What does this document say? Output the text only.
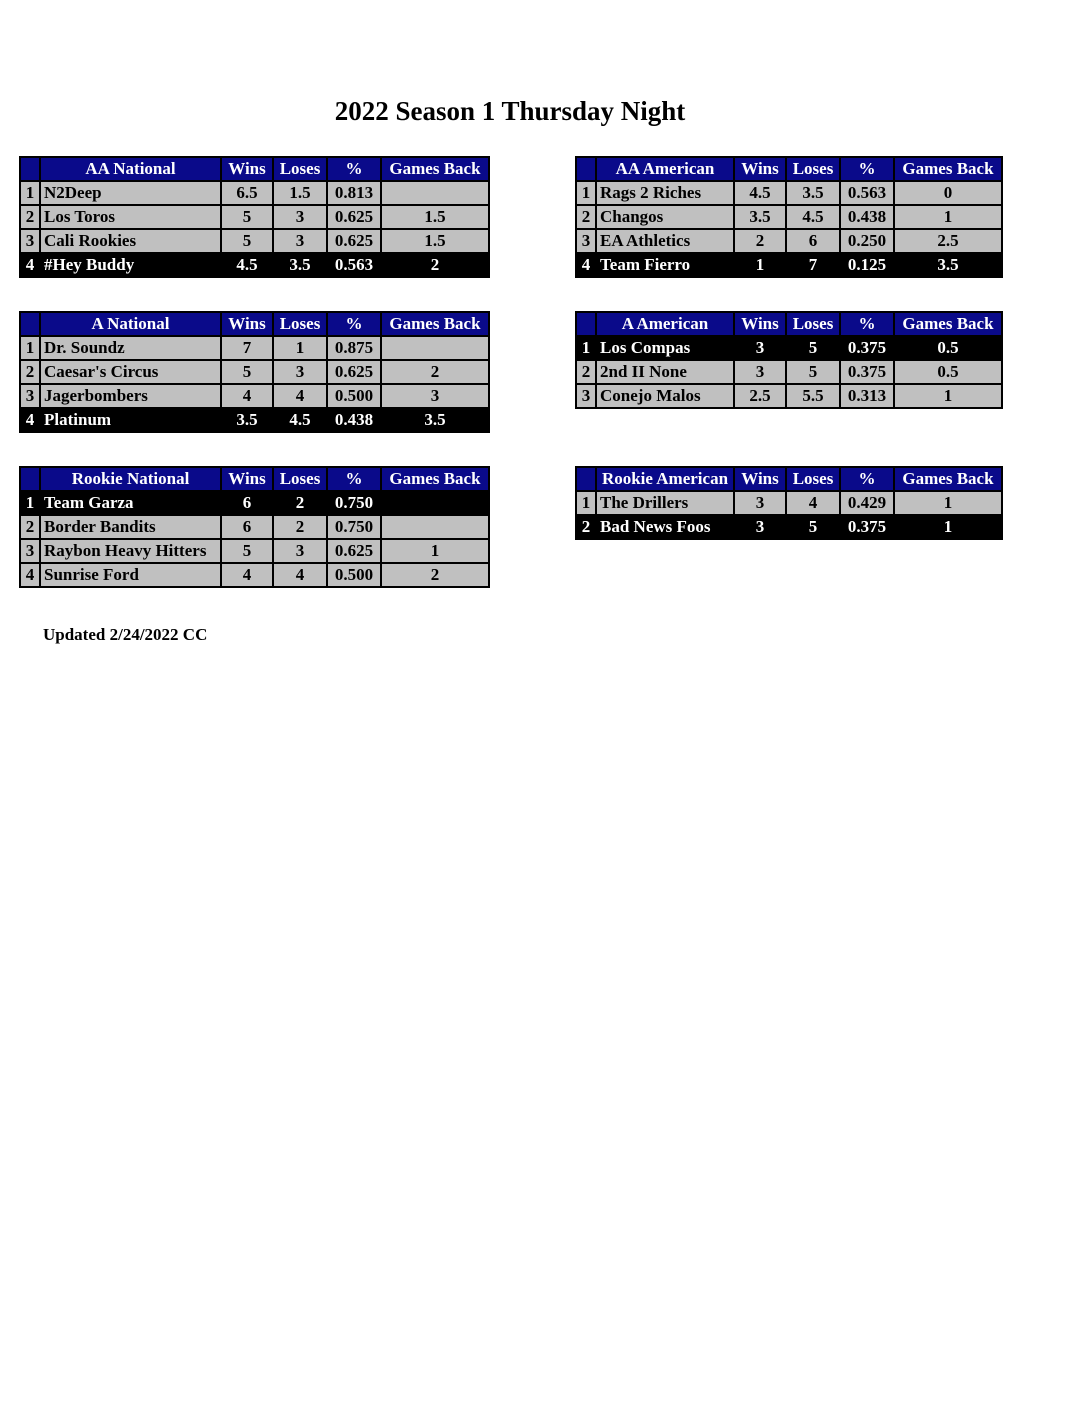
2022 Season 1 Thursday Night
	AA National	Wins	Loses	%	Games Back
1	N2Deep	6.5	1.5	0.813	
2	Los Toros	5	3	0.625	1.5
3	Cali Rookies	5	3	0.625	1.5
4	#Hey Buddy	4.5	3.5	0.563	2
	AA American	Wins	Loses	%	Games Back
1	Rags 2 Riches	4.5	3.5	0.563	0
2	Changos	3.5	4.5	0.438	1
3	EA Athletics	2	6	0.250	2.5
4	Team Fierro	1	7	0.125	3.5
	A National	Wins	Loses	%	Games Back
1	Dr. Soundz	7	1	0.875	
2	Caesar's Circus	5	3	0.625	2
3	Jagerbombers	4	4	0.500	3
4	Platinum	3.5	4.5	0.438	3.5
	A American	Wins	Loses	%	Games Back
1	Los Compas	3	5	0.375	0.5
2	2nd II None	3	5	0.375	0.5
3	Conejo Malos	2.5	5.5	0.313	1
	Rookie National	Wins	Loses	%	Games Back
1	Team Garza	6	2	0.750	
2	Border Bandits	6	2	0.750	
3	Raybon Heavy Hitters	5	3	0.625	1
4	Sunrise Ford	4	4	0.500	2
	Rookie American	Wins	Loses	%	Games Back
1	The Drillers	3	4	0.429	1
2	Bad News Foos	3	5	0.375	1
Updated 2/24/2022 CC
